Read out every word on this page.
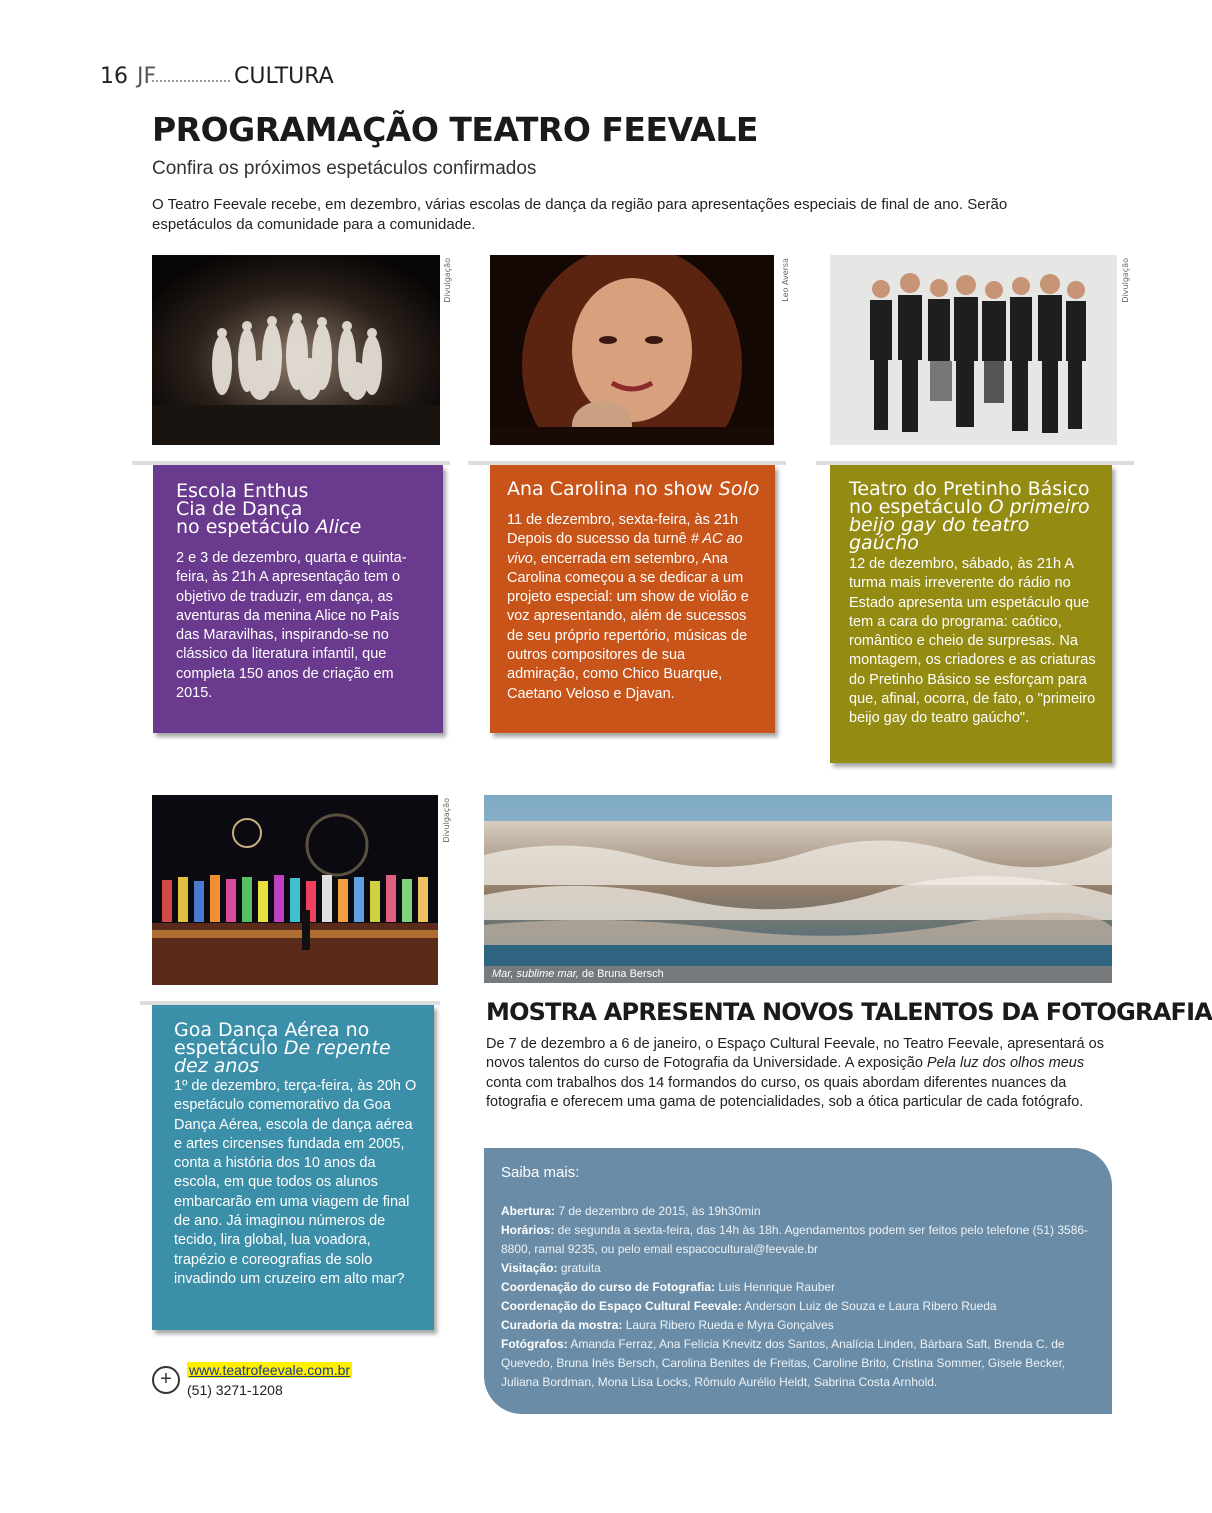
16 JF	CULTURA
PROGRAMAÇÃO TEATRO FEEVALE
Confira os próximos espetáculos confirmados
O Teatro Feevale recebe, em dezembro, várias escolas de dança da região para apresentações especiais de final de ano. Serão espetáculos da comunidade para a comunidade.
Divulgação	Leo Aversa	Divulgação
Escola Enthus
Cia de Dança
no espetáculo Alice
2 e 3 de dezembro, quarta e quinta-feira, às 21h A apresentação tem o objetivo de traduzir, em dança, as aventuras da menina Alice no País das Maravilhas, inspirando-se no clássico da literatura infantil, que completa 150 anos de criação em 2015.
Ana Carolina no show Solo
11 de dezembro, sexta-feira, às 21h Depois do sucesso da turnê # AC ao vivo, encerrada em setembro, Ana Carolina começou a se dedicar a um projeto especial: um show de violão e voz apresentando, além de sucessos de seu próprio repertório, músicas de outros compositores de sua admiração, como Chico Buarque, Caetano Veloso e Djavan.
Teatro do Pretinho Básico
no espetáculo O primeiro beijo gay do teatro gaúcho
12 de dezembro, sábado, às 21h A turma mais irreverente do rádio no Estado apresenta um espetáculo que tem a cara do programa: caótico, romântico e cheio de surpresas. Na montagem, os criadores e as criaturas do Pretinho Básico se esforçam para que, afinal, ocorra, de fato, o "primeiro beijo gay do teatro gaúcho".
Divulgação
Mar, sublime mar, de Bruna Bersch
Goa Dança Aérea no espetáculo De repente dez anos
1º de dezembro, terça-feira, às 20h O espetáculo comemorativo da Goa Dança Aérea, escola de dança aérea e artes circenses fundada em 2005, conta a história dos 10 anos da escola, em que todos os alunos embarcarão em uma viagem de final de ano. Já imaginou números de tecido, lira global, lua voadora, trapézio e coreografias de solo invadindo um cruzeiro em alto mar?
MOSTRA APRESENTA NOVOS TALENTOS DA FOTOGRAFIA
De 7 de dezembro a 6 de janeiro, o Espaço Cultural Feevale, no Teatro Feevale, apresentará os novos talentos do curso de Fotografia da Universidade. A exposição Pela luz dos olhos meus conta com trabalhos dos 14 formandos do curso, os quais abordam diferentes nuances da fotografia e oferecem uma gama de potencialidades, sob a ótica particular de cada fotógrafo.
Saiba mais:
Abertura: 7 de dezembro de 2015, às 19h30min
Horários: de segunda a sexta-feira, das 14h às 18h. Agendamentos podem ser feitos pelo telefone (51) 3586-8800, ramal 9235, ou pelo email espacocultural@feevale.br
Visitação: gratuita
Coordenação do curso de Fotografia: Luis Henrique Rauber
Coordenação do Espaço Cultural Feevale: Anderson Luiz de Souza e Laura Ribero Rueda
Curadoria da mostra: Laura Ribero Rueda e Myra Gonçalves
Fotógrafos: Amanda Ferraz, Ana Felícia Knevitz dos Santos, Analícia Linden, Bárbara Saft, Brenda C. de Quevedo, Bruna Inês Bersch, Carolina Benites de Freitas, Caroline Brito, Cristina Sommer, Gisele Becker, Juliana Bordman, Mona Lisa Locks, Rômulo Aurélio Heldt, Sabrina Costa Arnhold.
+	www.teatrofeevale.com.br
(51) 3271-1208
